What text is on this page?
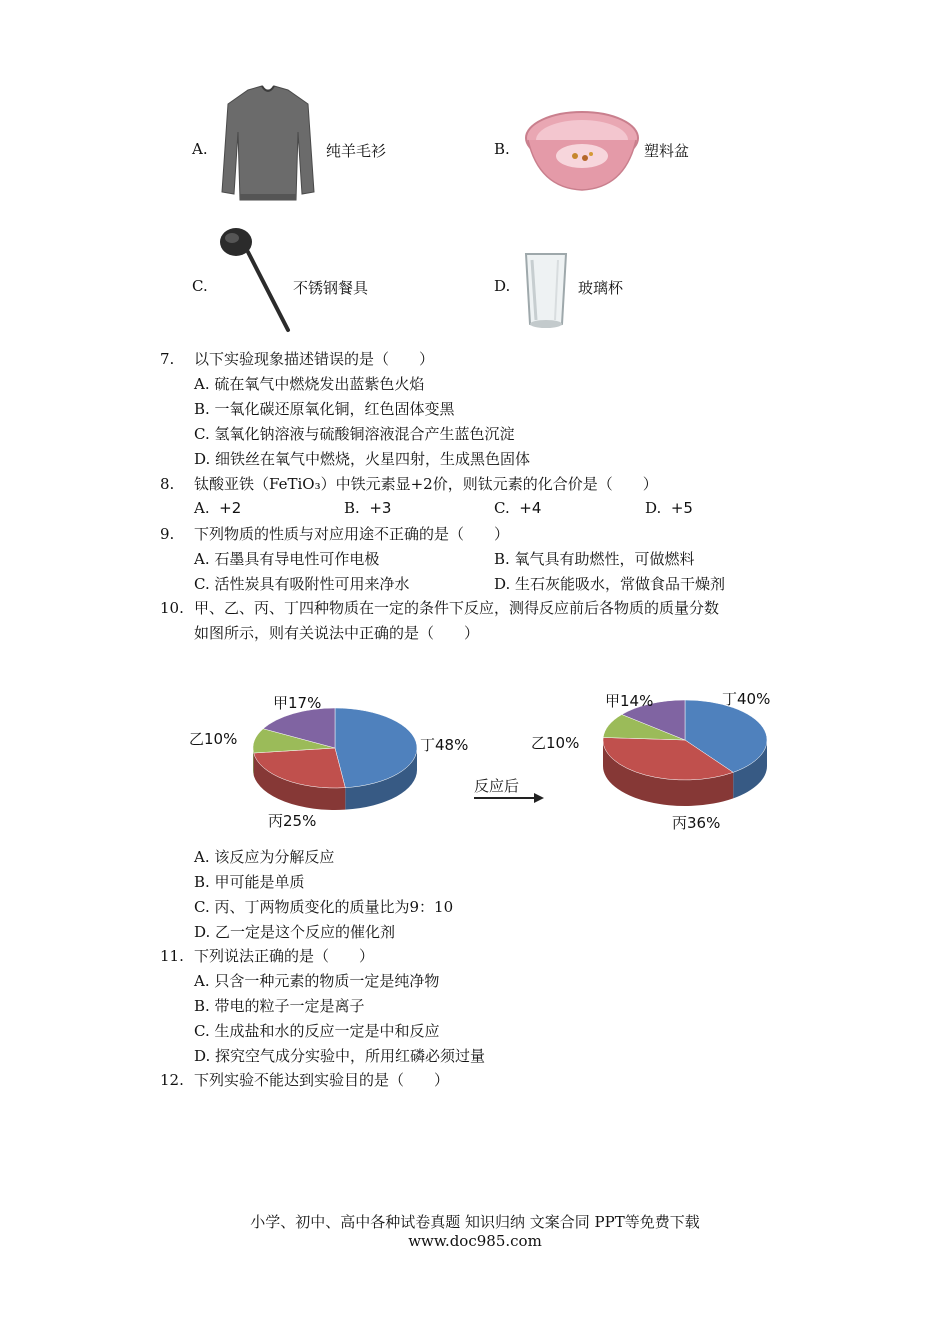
A.	纯羊毛衫	B.	塑料盆
C.	不锈钢餐具	D.	玻璃杯
7. 以下实验现象描述错误的是（　　）
A. 硫在氧气中燃烧发出蓝紫色火焰
B. 一氧化碳还原氧化铜，红色固体变黑
C. 氢氧化钠溶液与硫酸铜溶液混合产生蓝色沉淀
D. 细铁丝在氧气中燃烧，火星四射，生成黑色固体
8. 钛酸亚铁（FeTiO₃）中铁元素显+2价，则钛元素的化合价是（　　）
A. +2	B. +3	C. +4	D. +5
9. 下列物质的性质与对应用途不正确的是（　　）
A. 石墨具有导电性可作电极	B. 氧气具有助燃性，可做燃料
C. 活性炭具有吸附性可用来净水	D. 生石灰能吸水，常做食品干燥剂
10. 甲、乙、丙、丁四种物质在一定的条件下反应，测得反应前后各物质的质量分数
如图所示，则有关说法中正确的是（　　）
甲17%
乙10%	丁48%
丙25%
反应后
甲14%
乙10%
丁40%
丙36%
A. 该反应为分解反应
B. 甲可能是单质
C. 丙、丁两物质变化的质量比为9：10
D. 乙一定是这个反应的催化剂
11. 下列说法正确的是（　　）
A. 只含一种元素的物质一定是纯净物
B. 带电的粒子一定是离子
C. 生成盐和水的反应一定是中和反应
D. 探究空气成分实验中，所用红磷必须过量
12. 下列实验不能达到实验目的是（　　）
小学、初中、高中各种试卷真题 知识归纳 文案合同 PPT等免费下载
www.doc985.com
